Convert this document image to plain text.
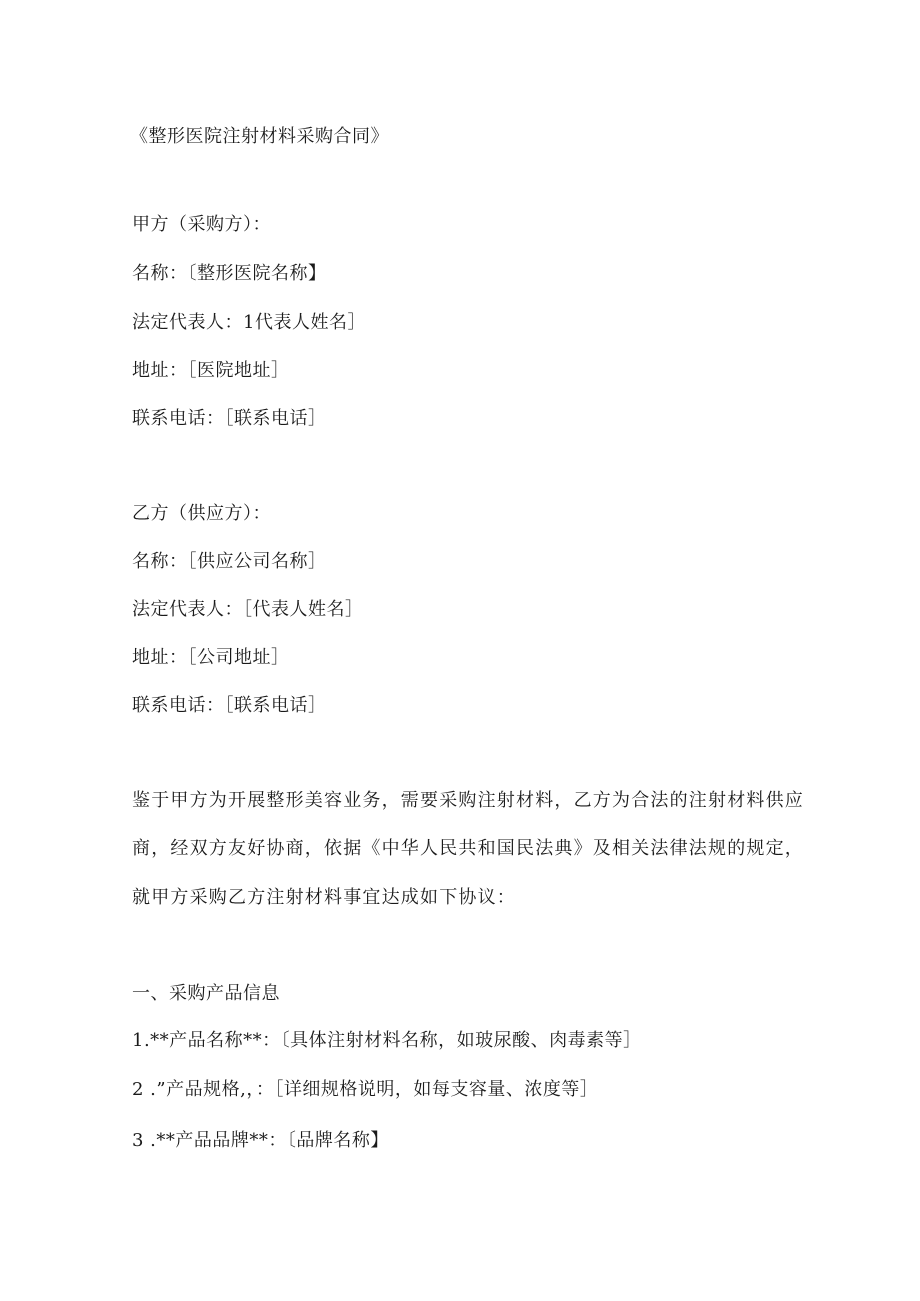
《整形医院注射材料采购合同》
甲方（采购方）：
名称：〔整形医院名称】
法定代表人：1代表人姓名］
地址：［医院地址］
联系电话：［联系电话］
乙方（供应方）：
名称：［供应公司名称］
法定代表人：［代表人姓名］
地址：［公司地址］
联系电话：［联系电话］
鉴于甲方为开展整形美容业务，需要采购注射材料，乙方为合法的注射材料供应
商，经双方友好协商，依据《中华人民共和国民法典》及相关法律法规的规定，
就甲方采购乙方注射材料事宜达成如下协议：
一、采购产品信息
1.**产品名称**：〔具体注射材料名称，如玻尿酸、肉毒素等］
2 .”产品规格,，：［详细规格说明，如每支容量、浓度等］
3 .**产品品牌**：〔品牌名称】
